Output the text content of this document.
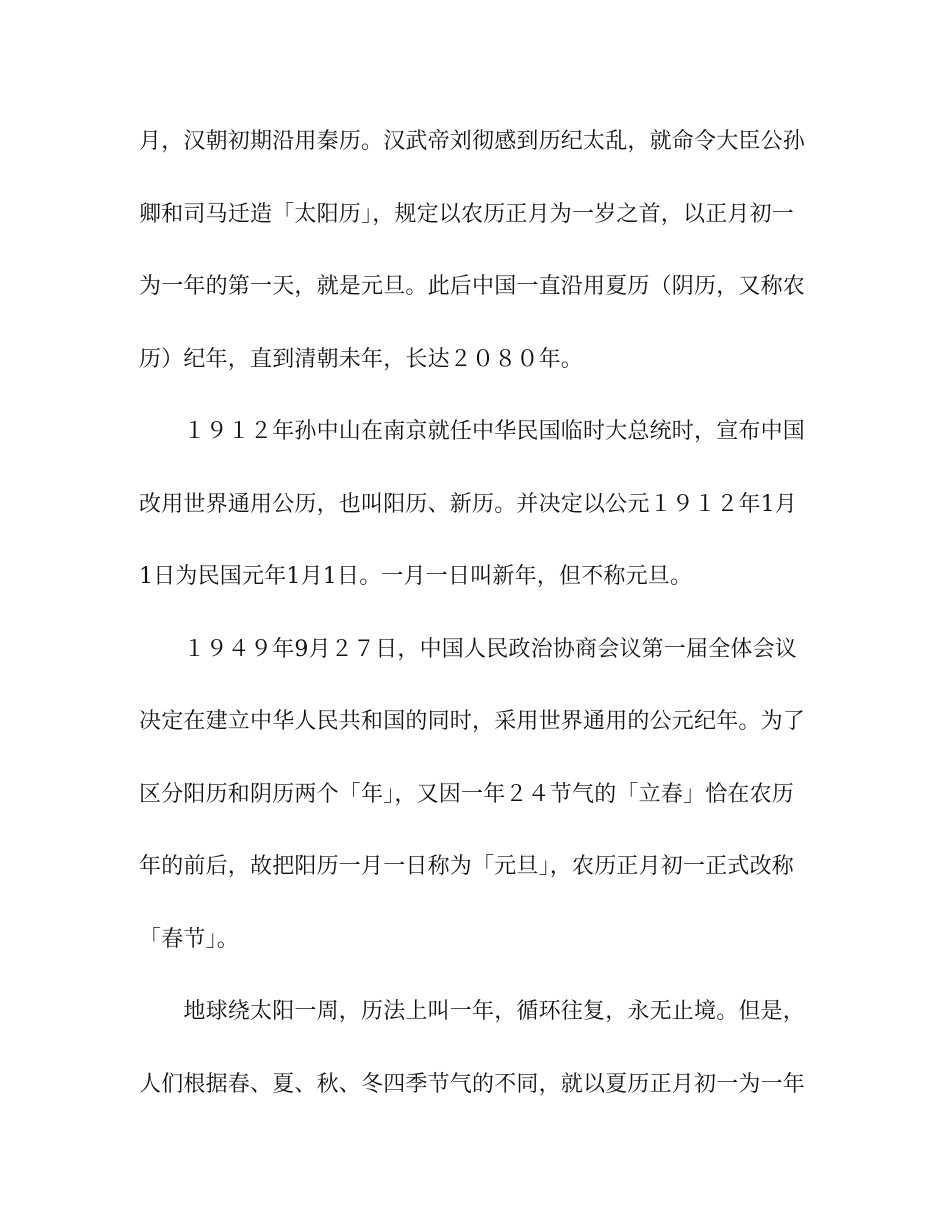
月，汉朝初期沿用秦历。汉武帝刘彻感到历纪太乱，就命令大臣公孙
卿和司马迁造「太阳历」，规定以农历正月为一岁之首，以正月初一
为一年的第一天，就是元旦。此后中国一直沿用夏历（阴历，又称农
历）纪年，直到清朝未年，长达２０８０年。
　　１９１２年孙中山在南京就任中华民国临时大总统时，宣布中国
改用世界通用公历，也叫阳历、新历。并决定以公元１９１２年1月
1日为民国元年1月1日。一月一日叫新年，但不称元旦。
　　１９４９年9月２７日，中国人民政治协商会议第一届全体会议
决定在建立中华人民共和国的同时，采用世界通用的公元纪年。为了
区分阳历和阴历两个「年」，又因一年２４节气的「立春」恰在农历
年的前后，故把阳历一月一日称为「元旦」，农历正月初一正式改称
「春节」。
　　地球绕太阳一周，历法上叫一年，循环往复，永无止境。但是，
人们根据春、夏、秋、冬四季节气的不同，就以夏历正月初一为一年
